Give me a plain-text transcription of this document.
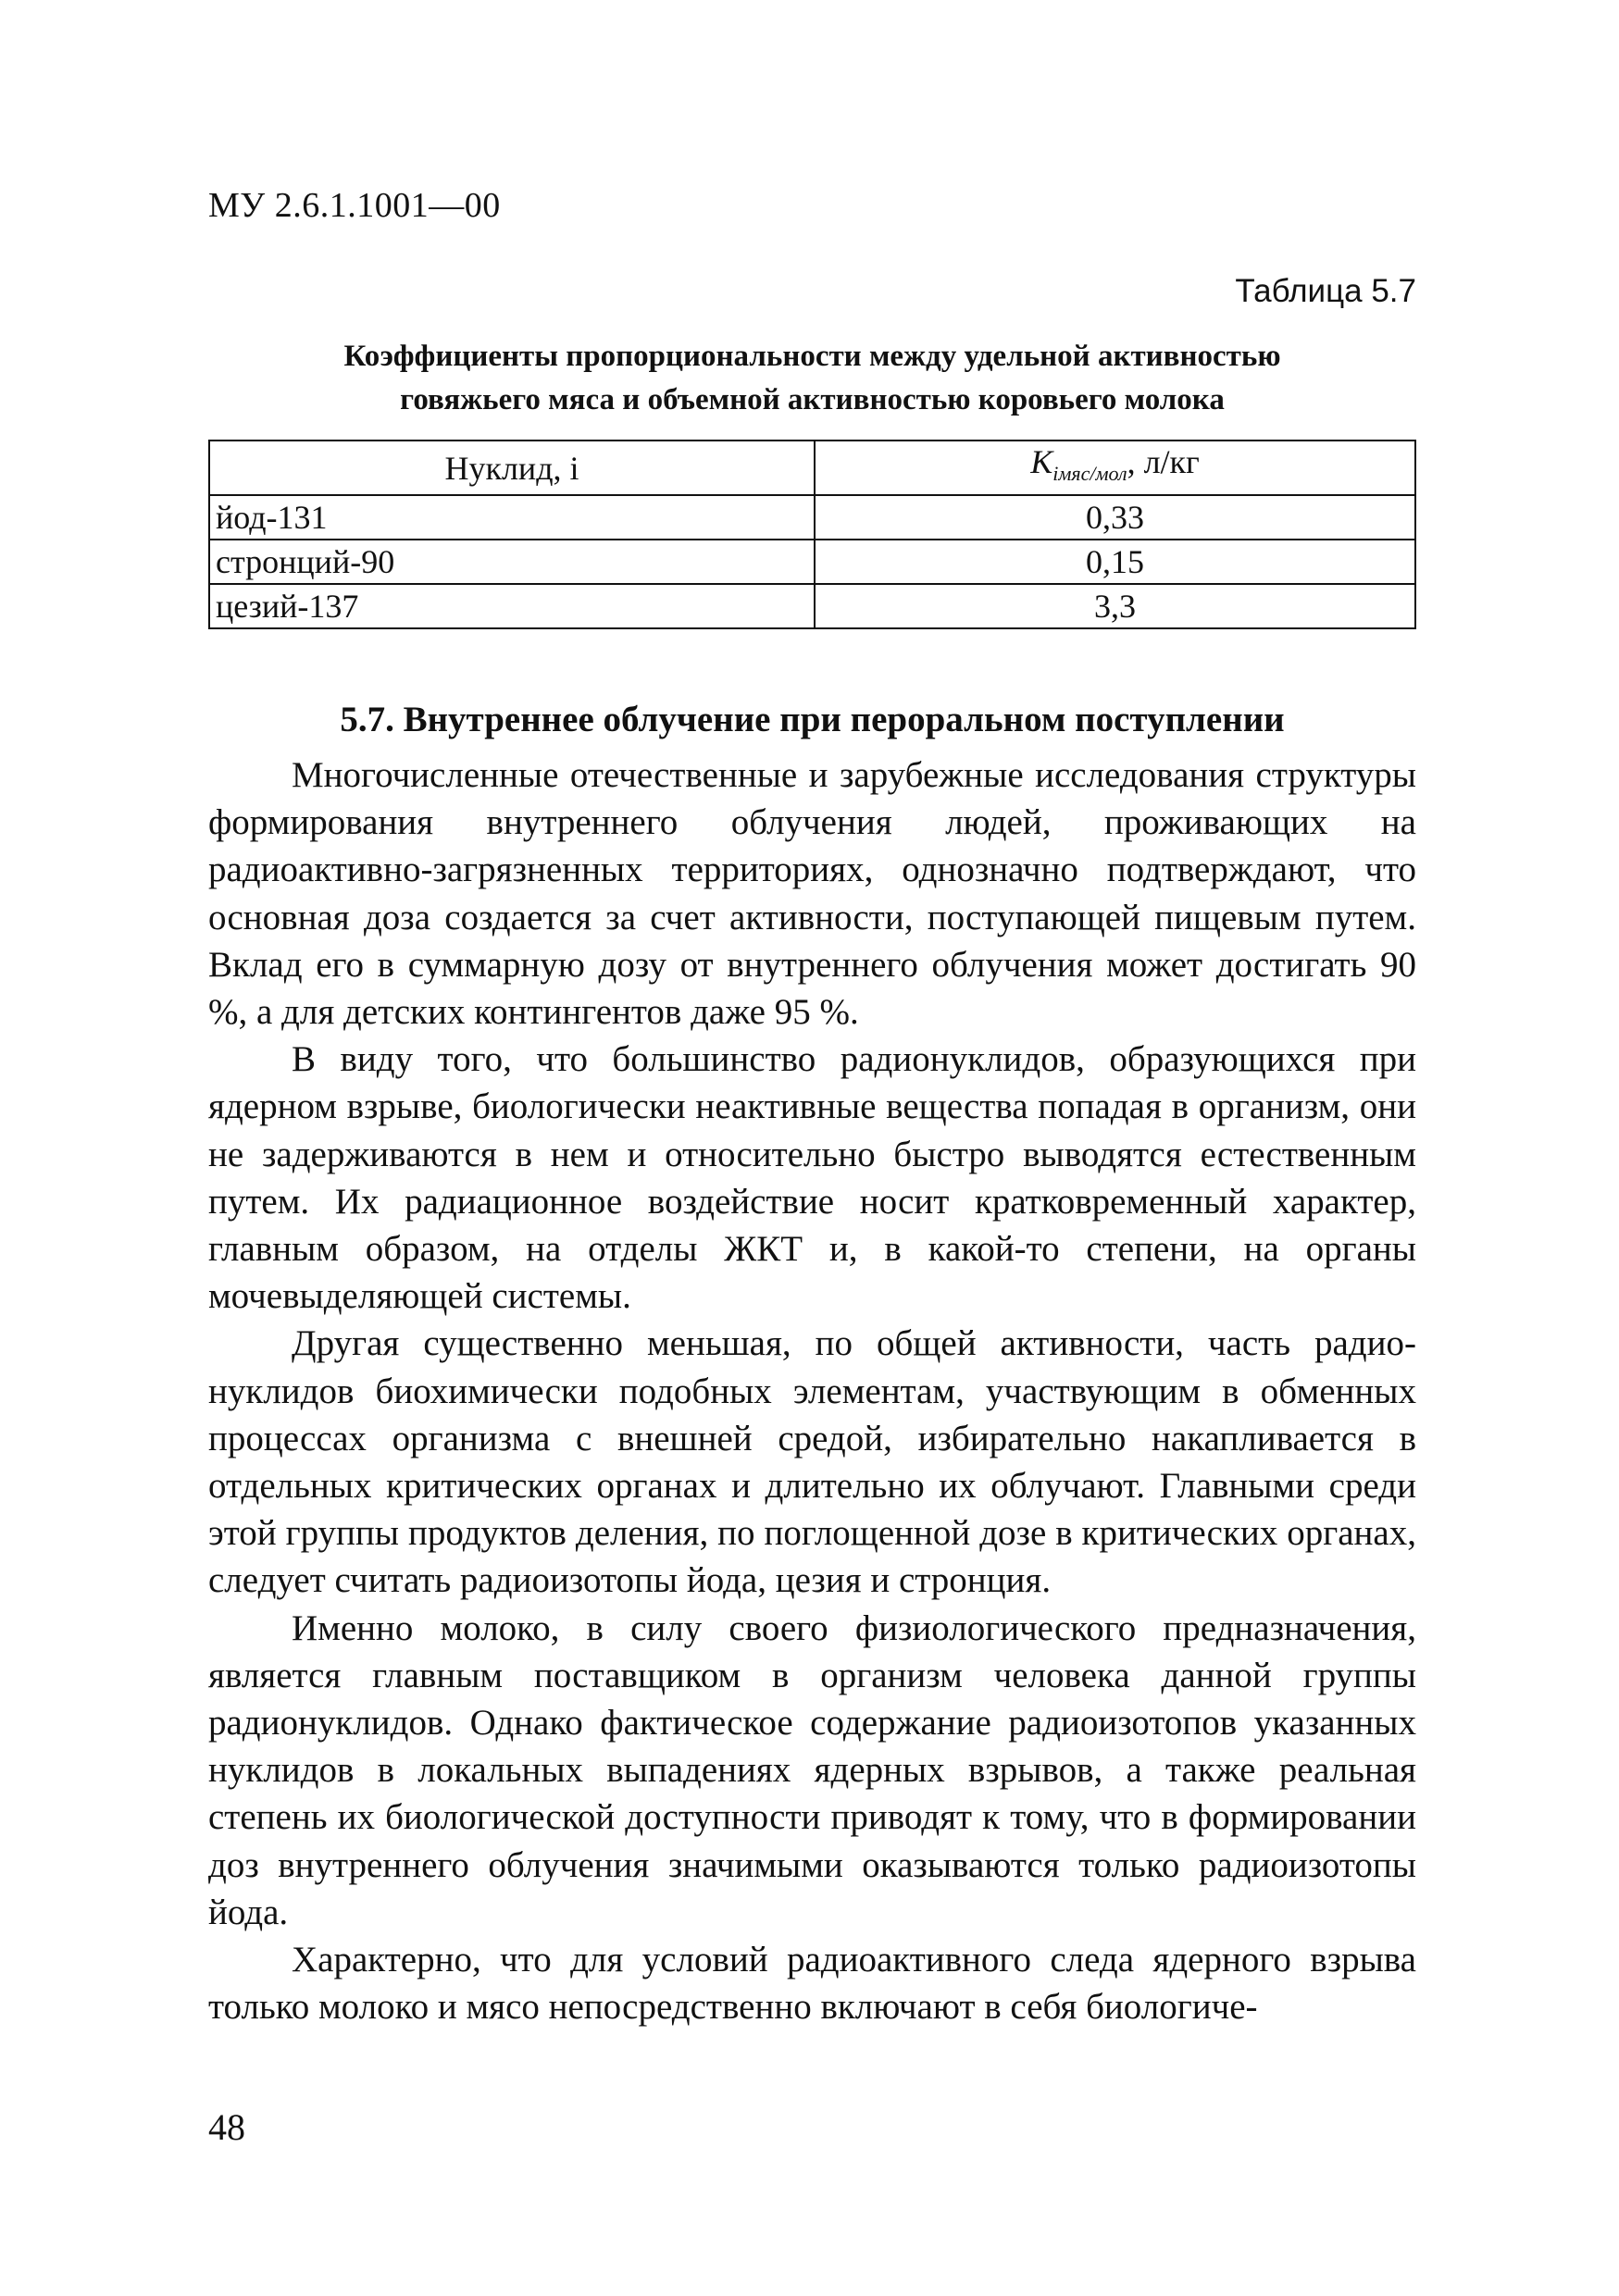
МУ 2.6.1.1001—00
Таблица 5.7
Коэффициенты пропорциональности между удельной активностью
говяжьего мяса и объемной активностью коровьего молока
Нуклид, i	$K_{iмяс/мол}$, л/кг
йод-131	0,33
стронций-90	0,15
цезий-137	3,3
5.7. Внутреннее облучение при пероральном поступлении

Многочисленные отечественные и зарубежные исследования структуры формирования внутреннего облучения людей, проживающих на радиоактивно-загрязненных территориях, однозначно подтверждают, что основная доза создается за счет активности, поступающей пищевым путем. Вклад его в суммарную дозу от внутреннего облучения может достигать 90 %, а для детских контингентов даже 95 %.

В виду того, что большинство радионуклидов, образующихся при ядерном взрыве, биологически неактивные вещества попадая в организм, они не задерживаются в нем и относительно быстро выводятся естественным путем. Их радиационное воздействие носит кратковременный характер, главным образом, на отделы ЖКТ и, в какой-то степени, на органы мочевыделяющей системы.

Другая существенно меньшая, по общей активности, часть радионуклидов биохимически подобных элементам, участвующим в обменных процессах организма с внешней средой, избирательно накапливается в отдельных критических органах и длительно их облучают. Главными среди этой группы продуктов деления, по поглощенной дозе в критических органах, следует считать радиоизотопы йода, цезия и стронция.

Именно молоко, в силу своего физиологического предназначения, является главным поставщиком в организм человека данной группы радионуклидов. Однако фактическое содержание радиоизотопов указанных нуклидов в локальных выпадениях ядерных взрывов, а также реальная степень их биологической доступности приводят к тому, что в формировании доз внутреннего облучения значимыми оказываются только радиоизотопы йода.

Характерно, что для условий радиоактивного следа ядерного взрыва только молоко и мясо непосредственно включают в себя биологиче-

48
